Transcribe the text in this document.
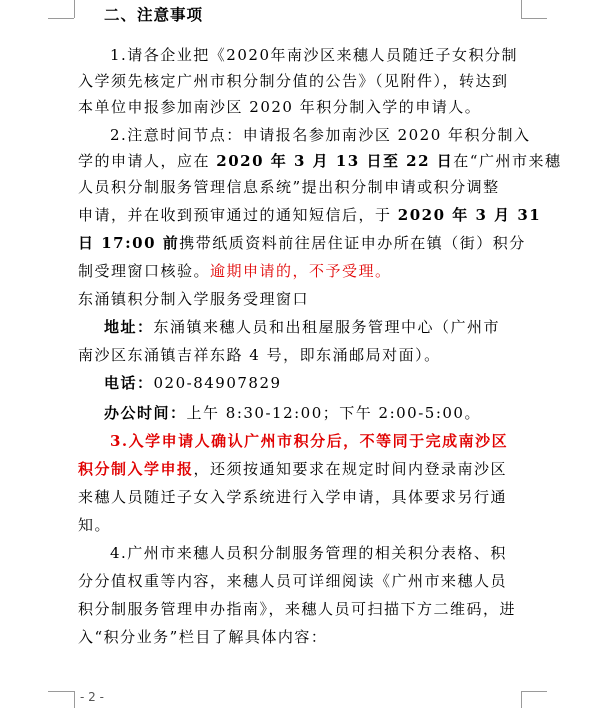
二、注意事项
1.请各企业把《2020年南沙区来穗人员随迁子女积分制
入学须先核定广州市积分制分值的公告》（见附件），转达到
本单位申报参加南沙区 2020 年积分制入学的申请人。
2.注意时间节点：申请报名参加南沙区 2020 年积分制入
学的申请人，应在 2020 年 3 月 13 日至 22 日在“广州市来穗
人员积分制服务管理信息系统”提出积分制申请或积分调整
申请，并在收到预审通过的通知短信后，于 2020 年 3 月 31
日 17:00 前携带纸质资料前往居住证申办所在镇（街）积分
制受理窗口核验。逾期申请的，不予受理。
东涌镇积分制入学服务受理窗口
地址：东涌镇来穗人员和出租屋服务管理中心（广州市
南沙区东涌镇吉祥东路 4 号，即东涌邮局对面）。
电话：020-84907829
办公时间：上午 8:30-12:00；下午 2:00-5:00。
3.入学申请人确认广州市积分后，不等同于完成南沙区
积分制入学申报，还须按通知要求在规定时间内登录南沙区
来穗人员随迁子女入学系统进行入学申请，具体要求另行通
知。
4.广州市来穗人员积分制服务管理的相关积分表格、积
分分值权重等内容，来穗人员可详细阅读《广州市来穗人员
积分制服务管理申办指南》，来穗人员可扫描下方二维码，进
入“积分业务”栏目了解具体内容：
- 2 -
